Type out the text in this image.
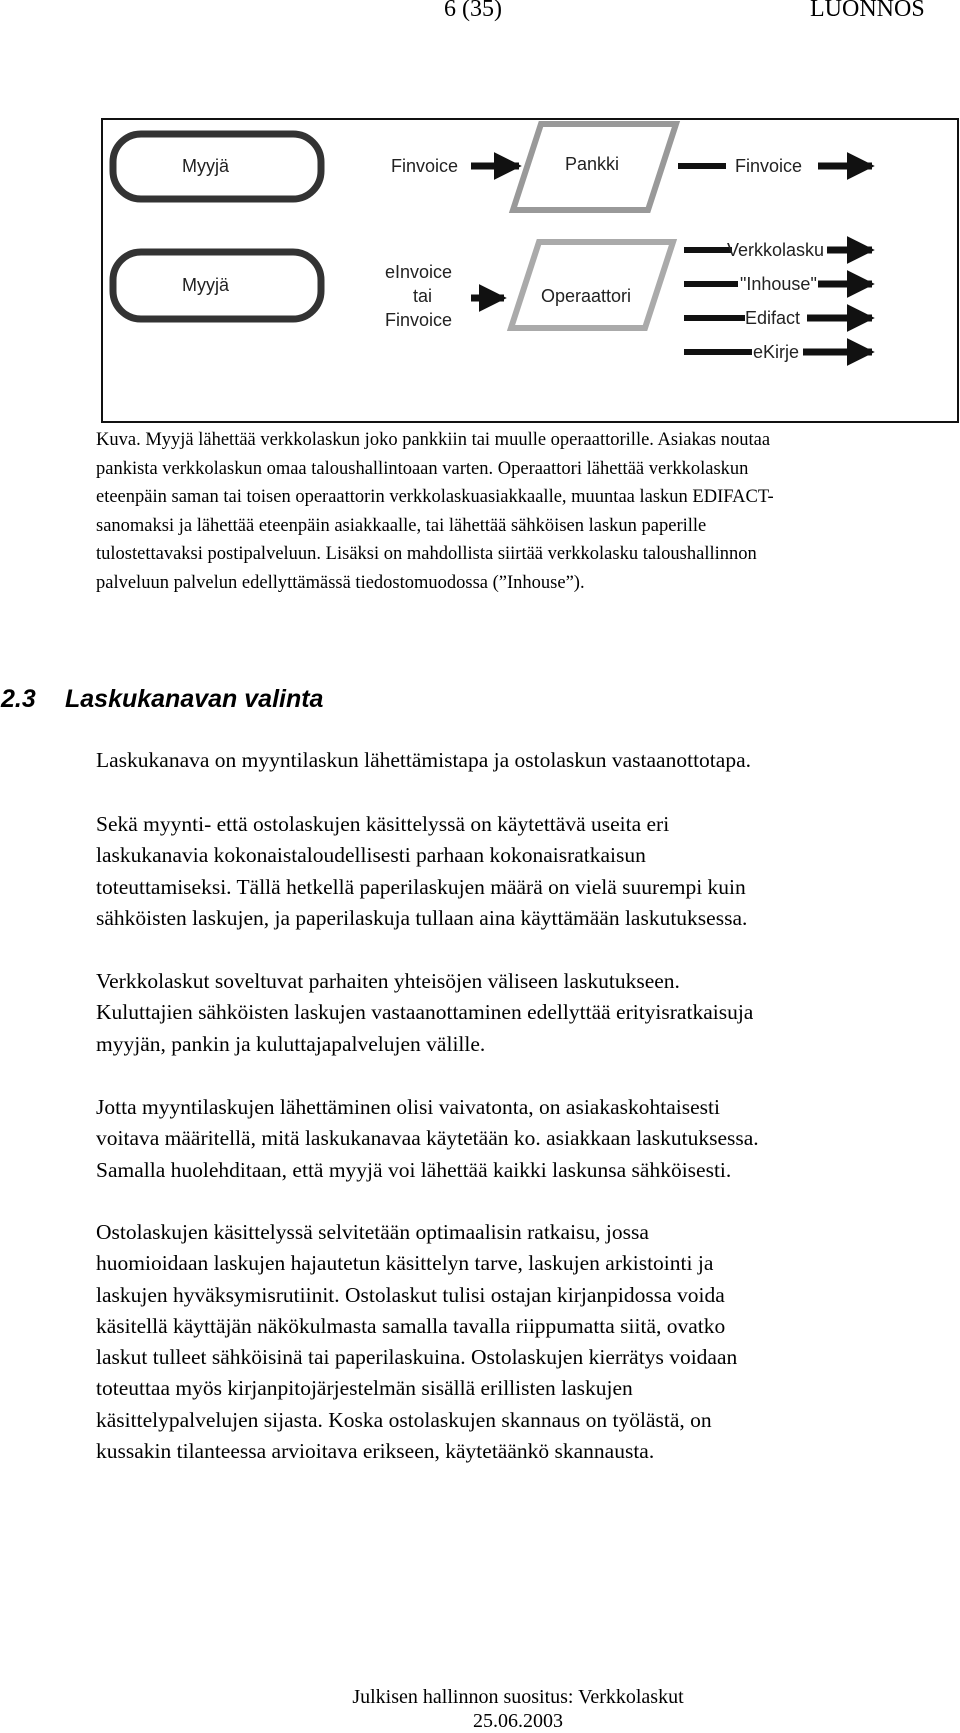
6 (35)	LUONNOS
Myyjä	Finvoice	Pankki	Finvoice
Myyjä
eInvoice
tai
Finvoice
Operaattori
Verkkolasku
"Inhouse"
Edifact
eKirje

Kuva. Myyjä lähettää verkkolaskun joko pankkiin tai muulle operaattorille. Asiakas noutaa

pankista verkkolaskun omaa taloushallintoaan varten. Operaattori lähettää verkkolaskun

eteenpäin saman tai toisen operaattorin verkkolaskuasiakkaalle, muuntaa laskun EDIFACT-

sanomaksi ja lähettää eteenpäin asiakkaalle, tai lähettää sähköisen laskun paperille

tulostettavaksi postipalveluun. Lisäksi on mahdollista siirtää verkkolasku taloushallinnon

palveluun palvelun edellyttämässä tiedostomuodossa (”Inhouse”).

2.3 Laskukanavan valinta

Laskukanava on myyntilaskun lähettämistapa ja ostolaskun vastaanottotapa.

Sekä myynti- että ostolaskujen käsittelyssä on käytettävä useita eri

laskukanavia kokonaistaloudellisesti parhaan kokonaisratkaisun

toteuttamiseksi. Tällä hetkellä paperilaskujen määrä on vielä suurempi kuin

sähköisten laskujen, ja paperilaskuja tullaan aina käyttämään laskutuksessa.

Verkkolaskut soveltuvat parhaiten yhteisöjen väliseen laskutukseen.

Kuluttajien sähköisten laskujen vastaanottaminen edellyttää erityisratkaisuja

myyjän, pankin ja kuluttajapalvelujen välille.

Jotta myyntilaskujen lähettäminen olisi vaivatonta, on asiakaskohtaisesti

voitava määritellä, mitä laskukanavaa käytetään ko. asiakkaan laskutuksessa.

Samalla huolehditaan, että myyjä voi lähettää kaikki laskunsa sähköisesti.

Ostolaskujen käsittelyssä selvitetään optimaalisin ratkaisu, jossa

huomioidaan laskujen hajautetun käsittelyn tarve, laskujen arkistointi ja

laskujen hyväksymisrutiinit. Ostolaskut tulisi ostajan kirjanpidossa voida

käsitellä käyttäjän näkökulmasta samalla tavalla riippumatta siitä, ovatko

laskut tulleet sähköisinä tai paperilaskuina. Ostolaskujen kierrätys voidaan

toteuttaa myös kirjanpitojärjestelmän sisällä erillisten laskujen

käsittelypalvelujen sijasta. Koska ostolaskujen skannaus on työlästä, on

kussakin tilanteessa arvioitava erikseen, käytetäänkö skannausta.

Julkisen hallinnon suositus: Verkkolaskut
25.06.2003
